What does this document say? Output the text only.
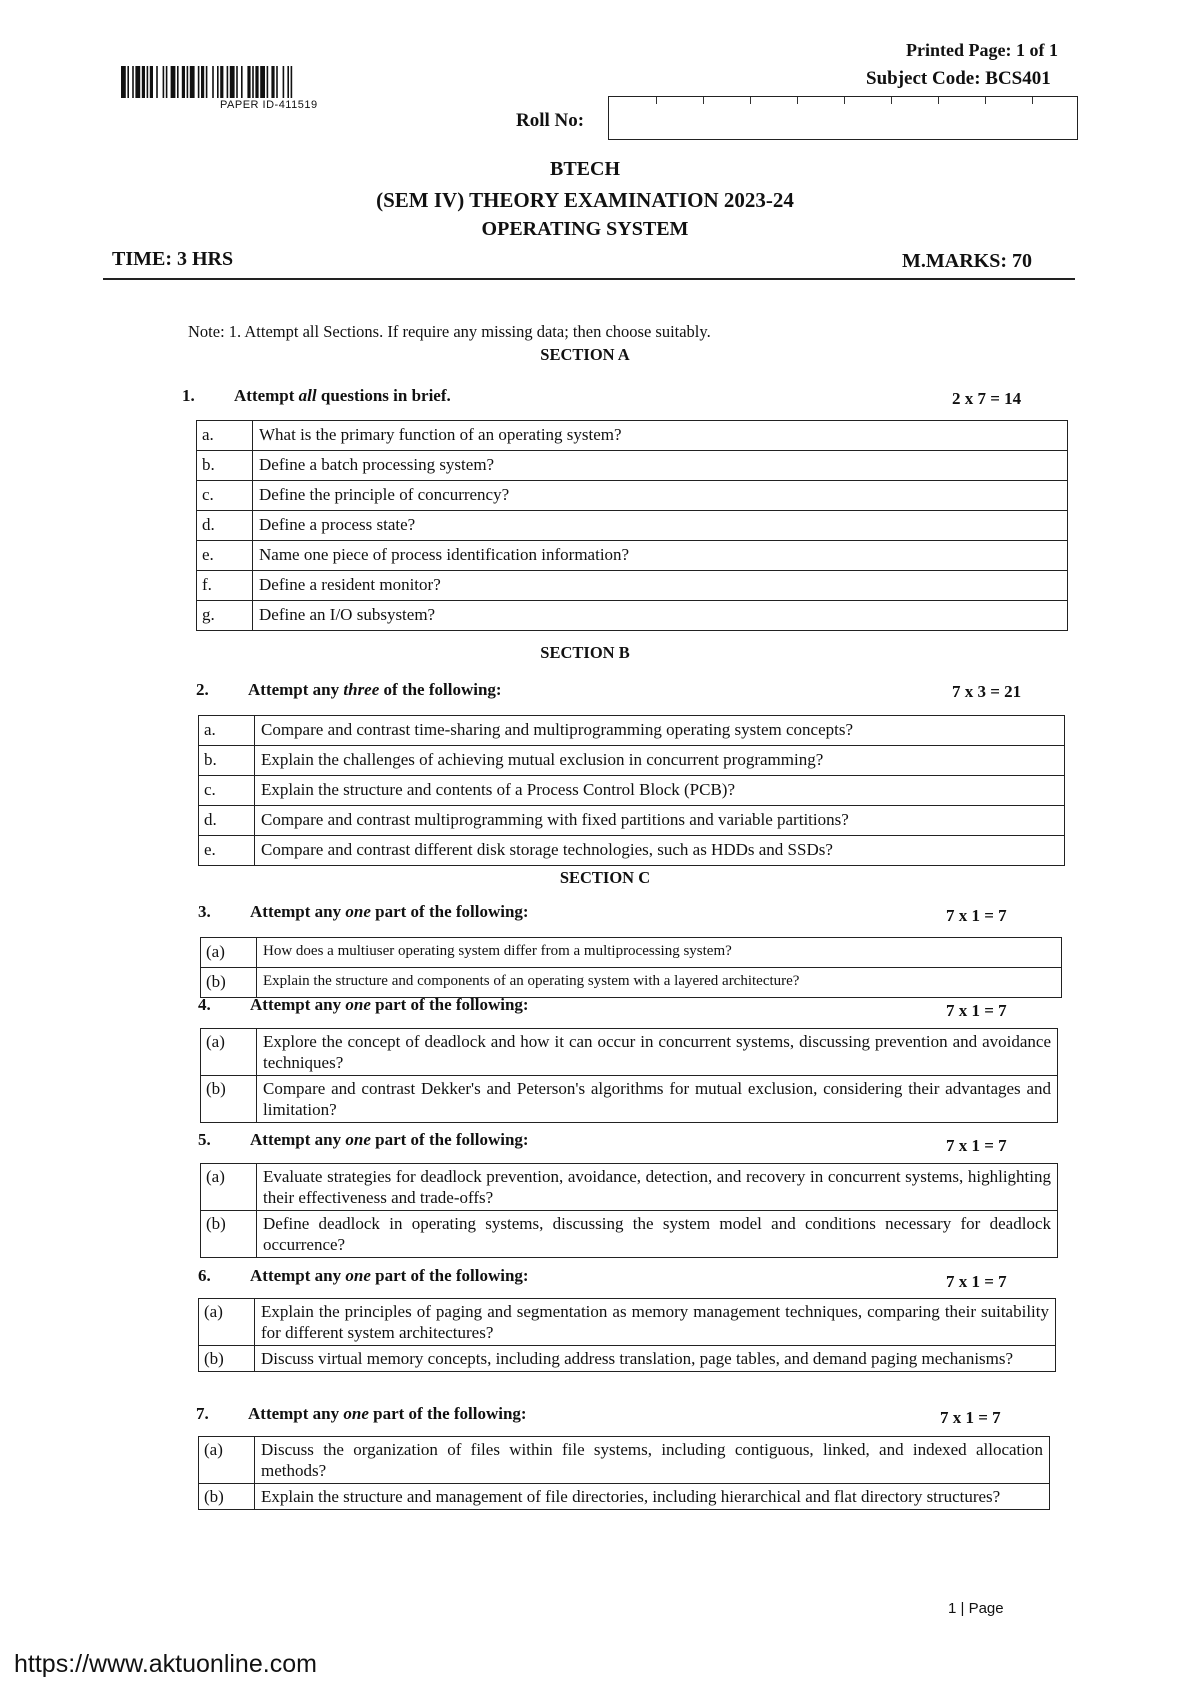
PAPER ID-411519
Printed Page: 1 of 1
Subject Code: BCS401
Roll No:
BTECH
(SEM IV) THEORY EXAMINATION 2023-24
OPERATING SYSTEM
TIME: 3 HRS	M.MARKS: 70
Note: 1. Attempt all Sections. If require any missing data; then choose suitably.
SECTION A
1. Attempt all questions in brief.	2 x 7 = 14
a.	What is the primary function of an operating system?
b.	Define a batch processing system?
c.	Define the principle of concurrency?
d.	Define a process state?
e.	Name one piece of process identification information?
f.	Define a resident monitor?
g.	Define an I/O subsystem?
SECTION B
2. Attempt any three of the following:	7 x 3 = 21
a.	Compare and contrast time-sharing and multiprogramming operating system concepts?
b.	Explain the challenges of achieving mutual exclusion in concurrent programming?
c.	Explain the structure and contents of a Process Control Block (PCB)?
d.	Compare and contrast multiprogramming with fixed partitions and variable partitions?
e.	Compare and contrast different disk storage technologies, such as HDDs and SSDs?
SECTION C
3. Attempt any one part of the following:	7 x 1 = 7
(a)	How does a multiuser operating system differ from a multiprocessing system?
(b)	Explain the structure and components of an operating system with a layered architecture?
4. Attempt any one part of the following:	7 x 1 = 7
(a)	Explore the concept of deadlock and how it can occur in concurrent systems, discussing prevention and avoidance techniques?
(b)	Compare and contrast Dekker's and Peterson's algorithms for mutual exclusion, considering their advantages and limitation?
5. Attempt any one part of the following:	7 x 1 = 7
(a)	Evaluate strategies for deadlock prevention, avoidance, detection, and recovery in concurrent systems, highlighting their effectiveness and trade-offs?
(b)	Define deadlock in operating systems, discussing the system model and conditions necessary for deadlock occurrence?
6. Attempt any one part of the following:	7 x 1 = 7
(a)	Explain the principles of paging and segmentation as memory management techniques, comparing their suitability for different system architectures?
(b)	Discuss virtual memory concepts, including address translation, page tables, and demand paging mechanisms?
7. Attempt any one part of the following:	7 x 1 = 7
(a)	Discuss the organization of files within file systems, including contiguous, linked, and indexed allocation methods?
(b)	Explain the structure and management of file directories, including hierarchical and flat directory structures?
1 | Page
https://www.aktuonline.com
